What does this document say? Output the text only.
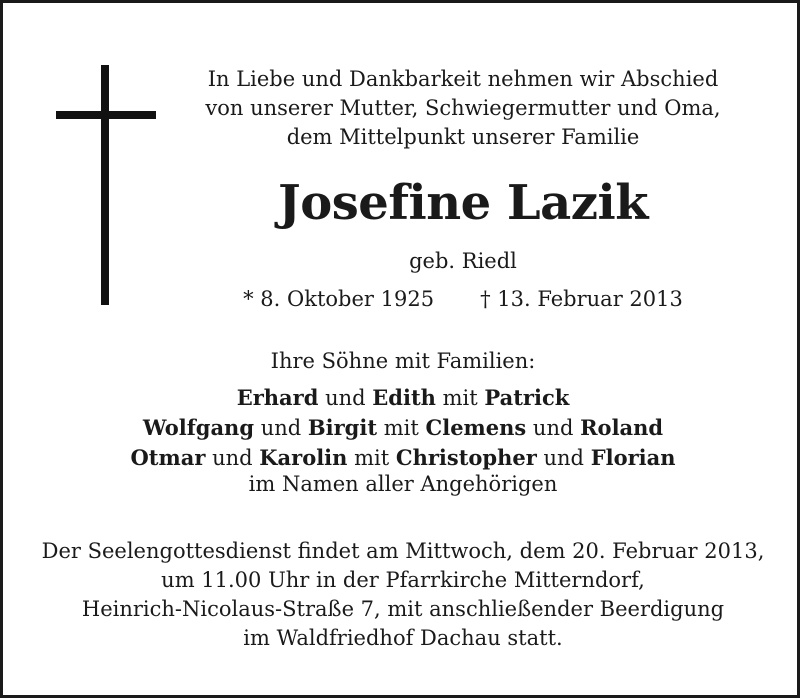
In Liebe und Dankbarkeit nehmen wir Abschied
von unserer Mutter, Schwiegermutter und Oma,
dem Mittelpunkt unserer Familie
Josefine Lazik
geb. Riedl
* 8. Oktober 1925 † 13. Februar 2013
Ihre Söhne mit Familien:
Erhard und Edith mit Patrick
Wolfgang und Birgit mit Clemens und Roland
Otmar und Karolin mit Christopher und Florian
im Namen aller Angehörigen
Der Seelengottesdienst findet am Mittwoch, dem 20. Februar 2013,
um 11.00 Uhr in der Pfarrkirche Mitterndorf,
Heinrich-Nicolaus-Straße 7, mit anschließender Beerdigung
im Waldfriedhof Dachau statt.
